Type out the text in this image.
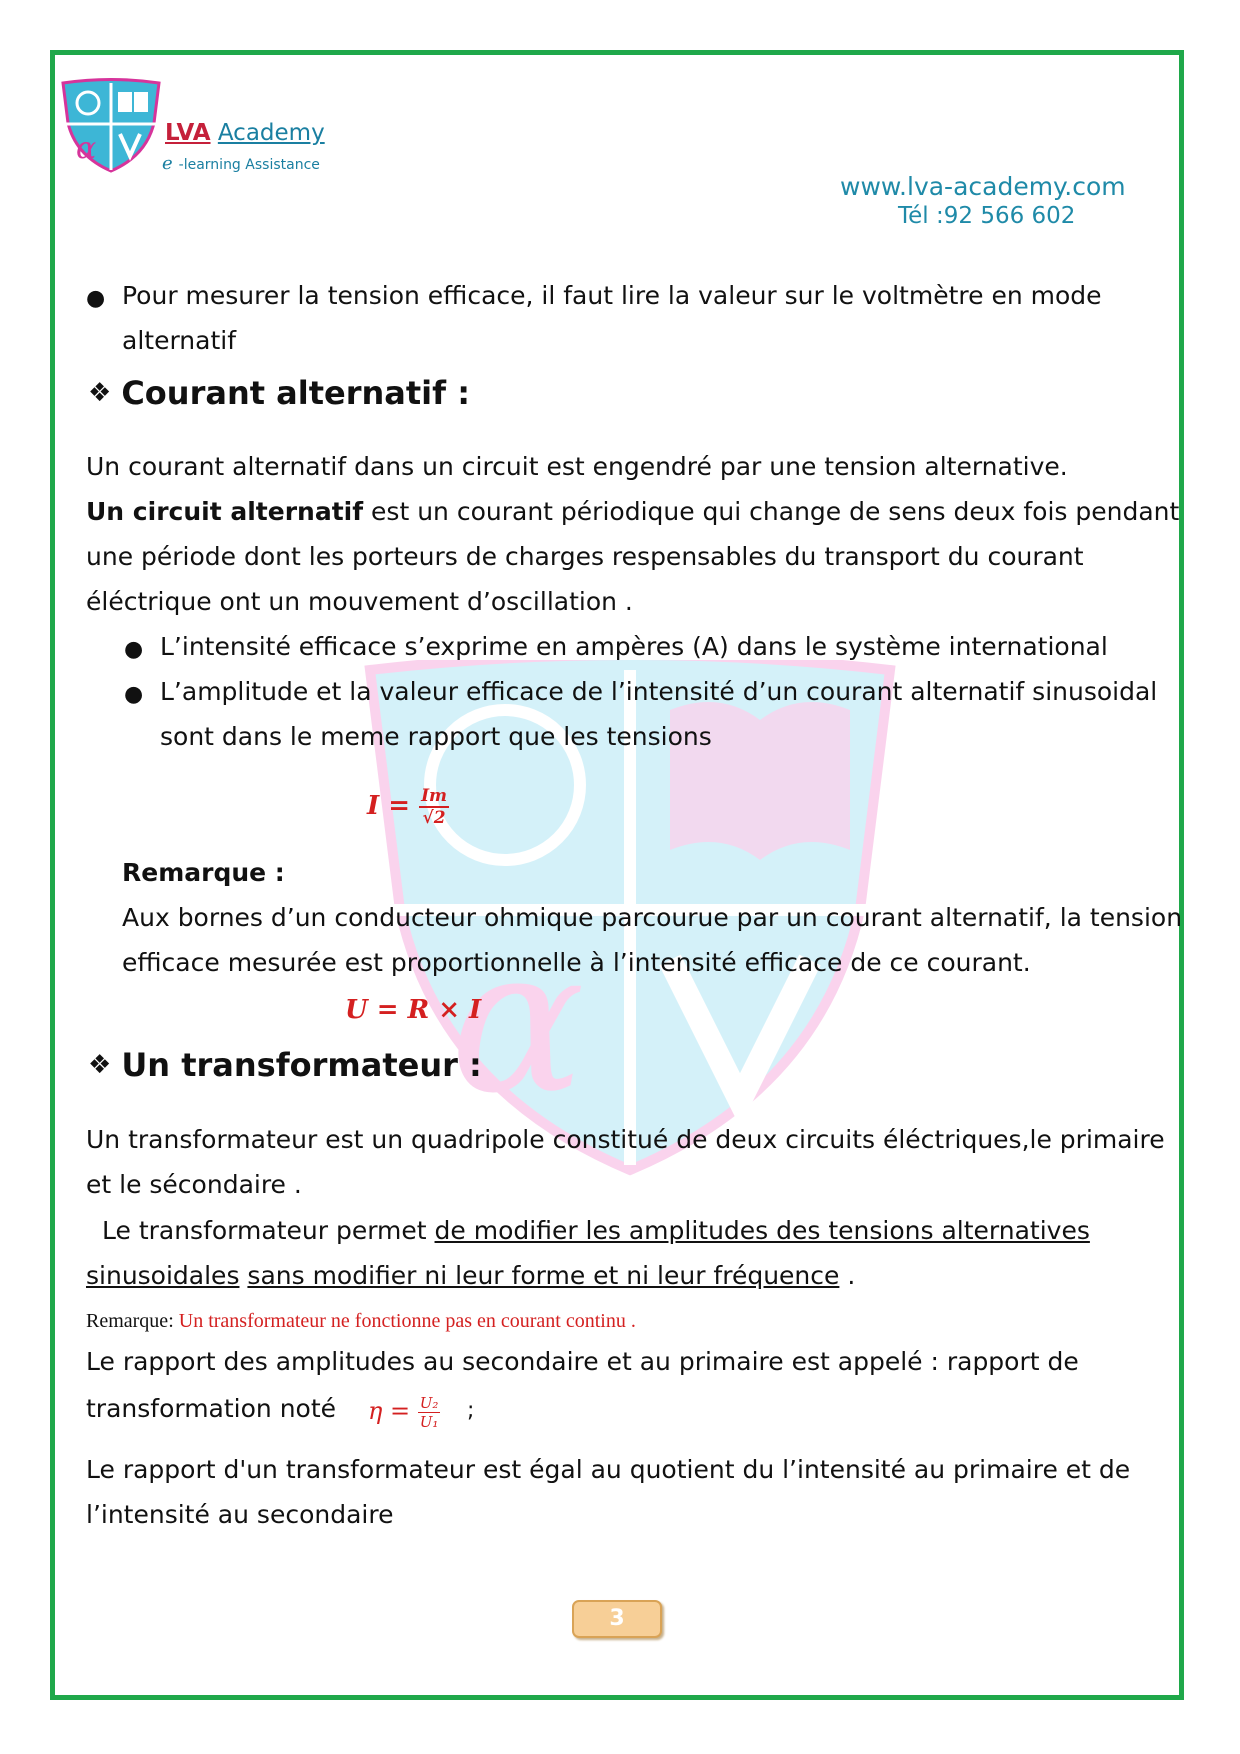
α
α	LVA Academy
e -learning Assistance
www.lva-academy.com
Tél :92 566 602
● Pour mesurer la tension efficace, il faut lire la valeur sur le voltmètre en mode
alternatif
❖ Courant alternatif :
Un courant alternatif dans un circuit est engendré par une tension alternative.
Un circuit alternatif est un courant périodique qui change de sens deux fois pendant
une période dont les porteurs de charges respensables du transport du courant
éléctrique ont un mouvement d’oscillation .
● L’intensité efficace s’exprime en ampères (A) dans le système international
● L’amplitude et la valeur efficace de l’intensité d’un courant alternatif sinusoidal
sont dans le meme rapport que les tensions
$I = \frac{Im}{√2}$
Remarque :
Aux bornes d’un conducteur ohmique parcourue par un courant alternatif, la tension
efficace mesurée est proportionnelle à l’intensité efficace de ce courant.
U = R × I
❖ Un transformateur :
Un transformateur est un quadripole constitué de deux circuits éléctriques,le primaire
et le sécondaire .
Le transformateur permet de modifier les amplitudes des tensions alternatives
sinusoidales sans modifier ni leur forme et ni leur fréquence .
Remarque: Un transformateur ne fonctionne pas en courant continu .
Le rapport des amplitudes au secondaire et au primaire est appelé : rapport de
transformation noté $\eta = \frac{\text{U₂}}{\text{U₁}}$ ;
Le rapport d'un transformateur est égal au quotient du l’intensité au primaire et de
l’intensité au secondaire
3
